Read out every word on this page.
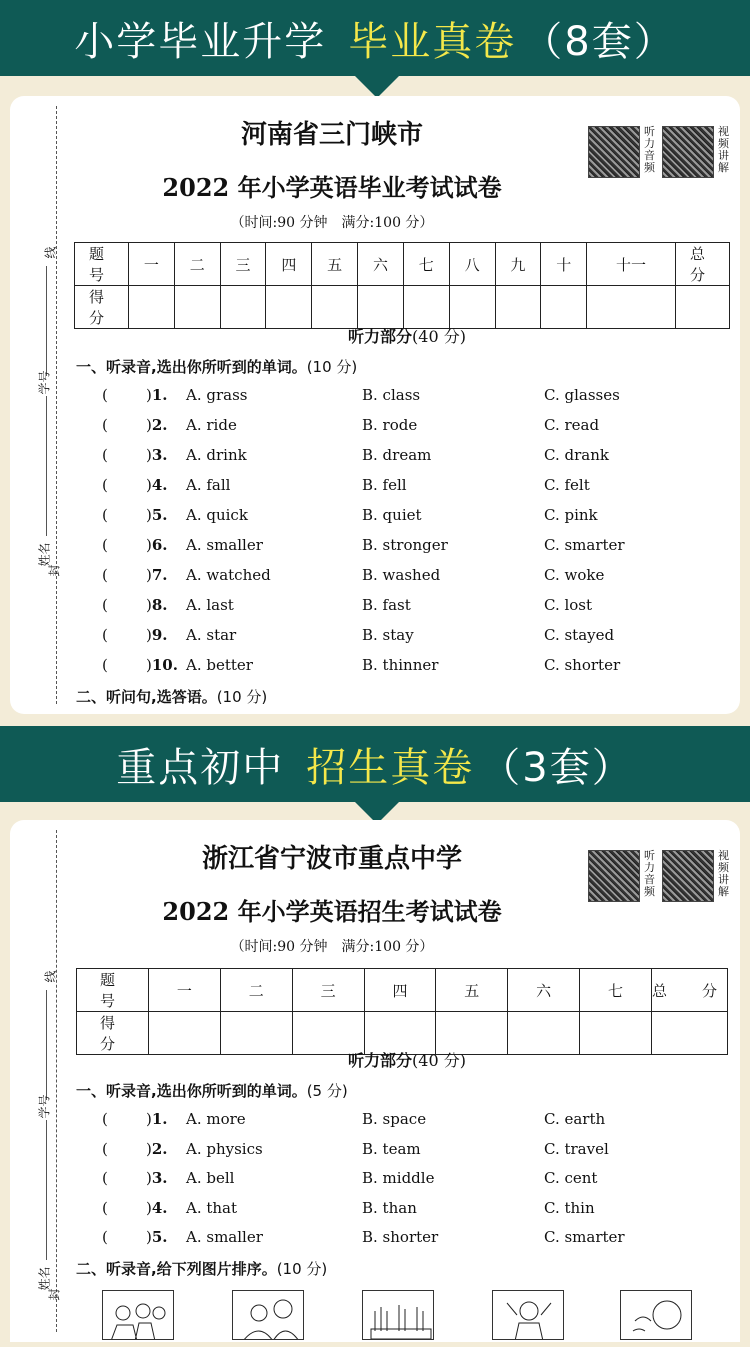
小学毕业升学 毕业真卷 （8套）
线
学号
姓名
封
河南省三门峡市
2022 年小学英语毕业考试试卷
（时间:90 分钟　满分:100 分）
听力音频
视频讲解
题　号	一	二	三	四	五	六	七	八	九	十	十一	总　分
得　分												
听力部分(40 分)
一、听录音,选出你所听到的单词。(10 分)
(	)1. A. grass	B. class	C. glasses
(	)2. A. ride	B. rode	C. read
(	)3. A. drink	B. dream	C. drank
(	)4. A. fall	B. fell	C. felt
(	)5. A. quick	B. quiet	C. pink
(	)6. A. smaller	B. stronger	C. smarter
(	)7. A. watched	B. washed	C. woke
(	)8. A. last	B. fast	C. lost
(	)9. A. star	B. stay	C. stayed
(	)10. A. better	B. thinner	C. shorter
二、听问句,选答语。(10 分)
重点初中 招生真卷 （3套）
线
学号
姓名
封
浙江省宁波市重点中学
2022 年小学英语招生考试试卷
（时间:90 分钟　满分:100 分）
听力音频
视频讲解
题　号	一	二	三	四	五	六	七	总　分
得　分								
听力部分(40 分)
一、听录音,选出你所听到的单词。(5 分)
(	)1. A. more	B. space	C. earth
(	)2. A. physics	B. team	C. travel
(	)3. A. bell	B. middle	C. cent
(	)4. A. that	B. than	C. thin
(	)5. A. smaller	B. shorter	C. smarter
二、听录音,给下列图片排序。(10 分)
